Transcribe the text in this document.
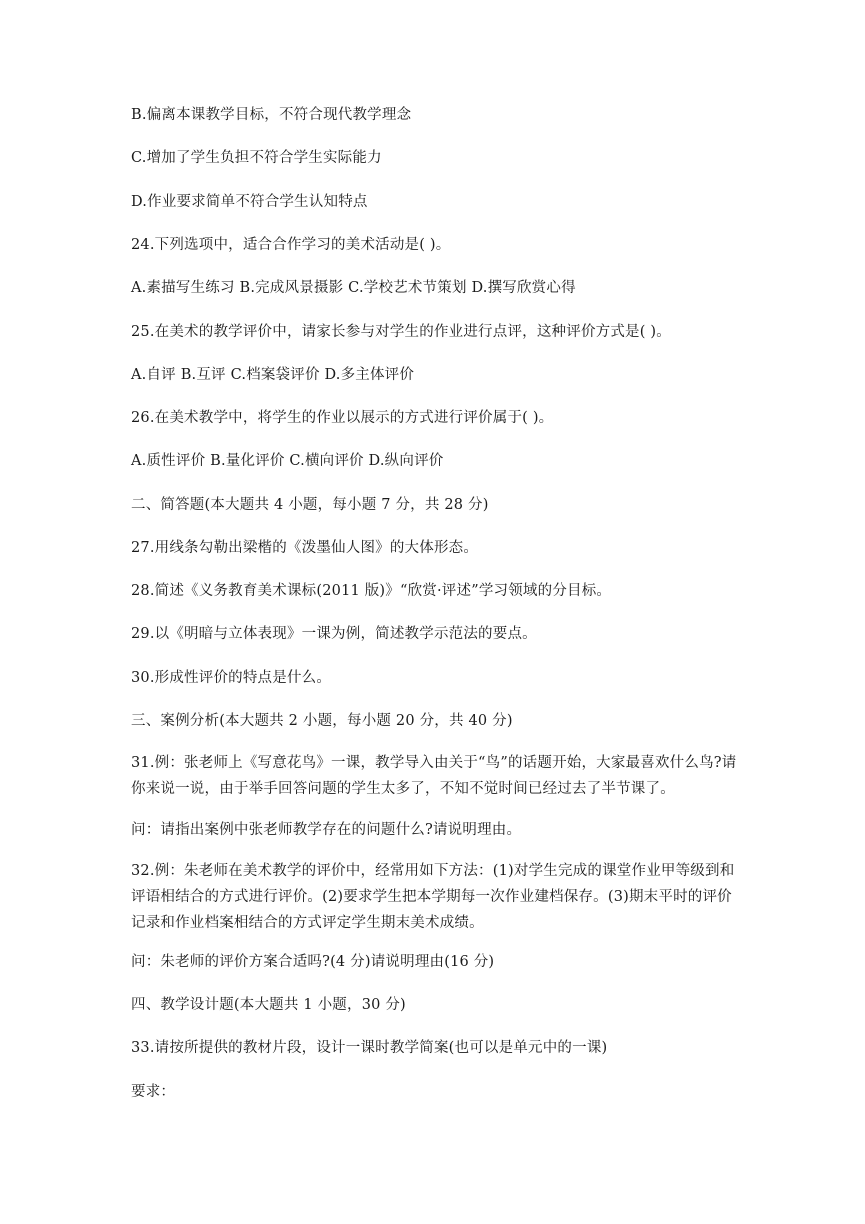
B.偏离本课教学目标，不符合现代教学理念
C.增加了学生负担不符合学生实际能力
D.作业要求简单不符合学生认知特点
24.下列选项中，适合合作学习的美术活动是( )。
A.素描写生练习 B.完成风景摄影 C.学校艺术节策划 D.撰写欣赏心得
25.在美术的教学评价中，请家长参与对学生的作业进行点评，这种评价方式是( )。
A.自评 B.互评 C.档案袋评价 D.多主体评价
26.在美术教学中，将学生的作业以展示的方式进行评价属于( )。
A.质性评价 B.量化评价 C.横向评价 D.纵向评价
二、简答题(本大题共 4 小题，每小题 7 分，共 28 分)
27.用线条勾勒出梁楷的《泼墨仙人图》的大体形态。
28.简述《义务教育美术课标(2011 版)》“欣赏·评述”学习领域的分目标。
29.以《明暗与立体表现》一课为例，简述教学示范法的要点。
30.形成性评价的特点是什么。
三、案例分析(本大题共 2 小题，每小题 20 分，共 40 分)
31.例：张老师上《写意花鸟》一课，教学导入由关于“鸟”的话题开始，大家最喜欢什么鸟?请你来说一说，由于举手回答问题的学生太多了，不知不觉时间已经过去了半节课了。
问：请指出案例中张老师教学存在的问题什么?请说明理由。
32.例：朱老师在美术教学的评价中，经常用如下方法：(1)对学生完成的课堂作业甲等级到和评语相结合的方式进行评价。(2)要求学生把本学期每一次作业建档保存。(3)期末平时的评价记录和作业档案相结合的方式评定学生期末美术成绩。
问：朱老师的评价方案合适吗?(4 分)请说明理由(16 分)
四、教学设计题(本大题共 1 小题，30 分)
33.请按所提供的教材片段，设计一课时教学简案(也可以是单元中的一课)
要求：
